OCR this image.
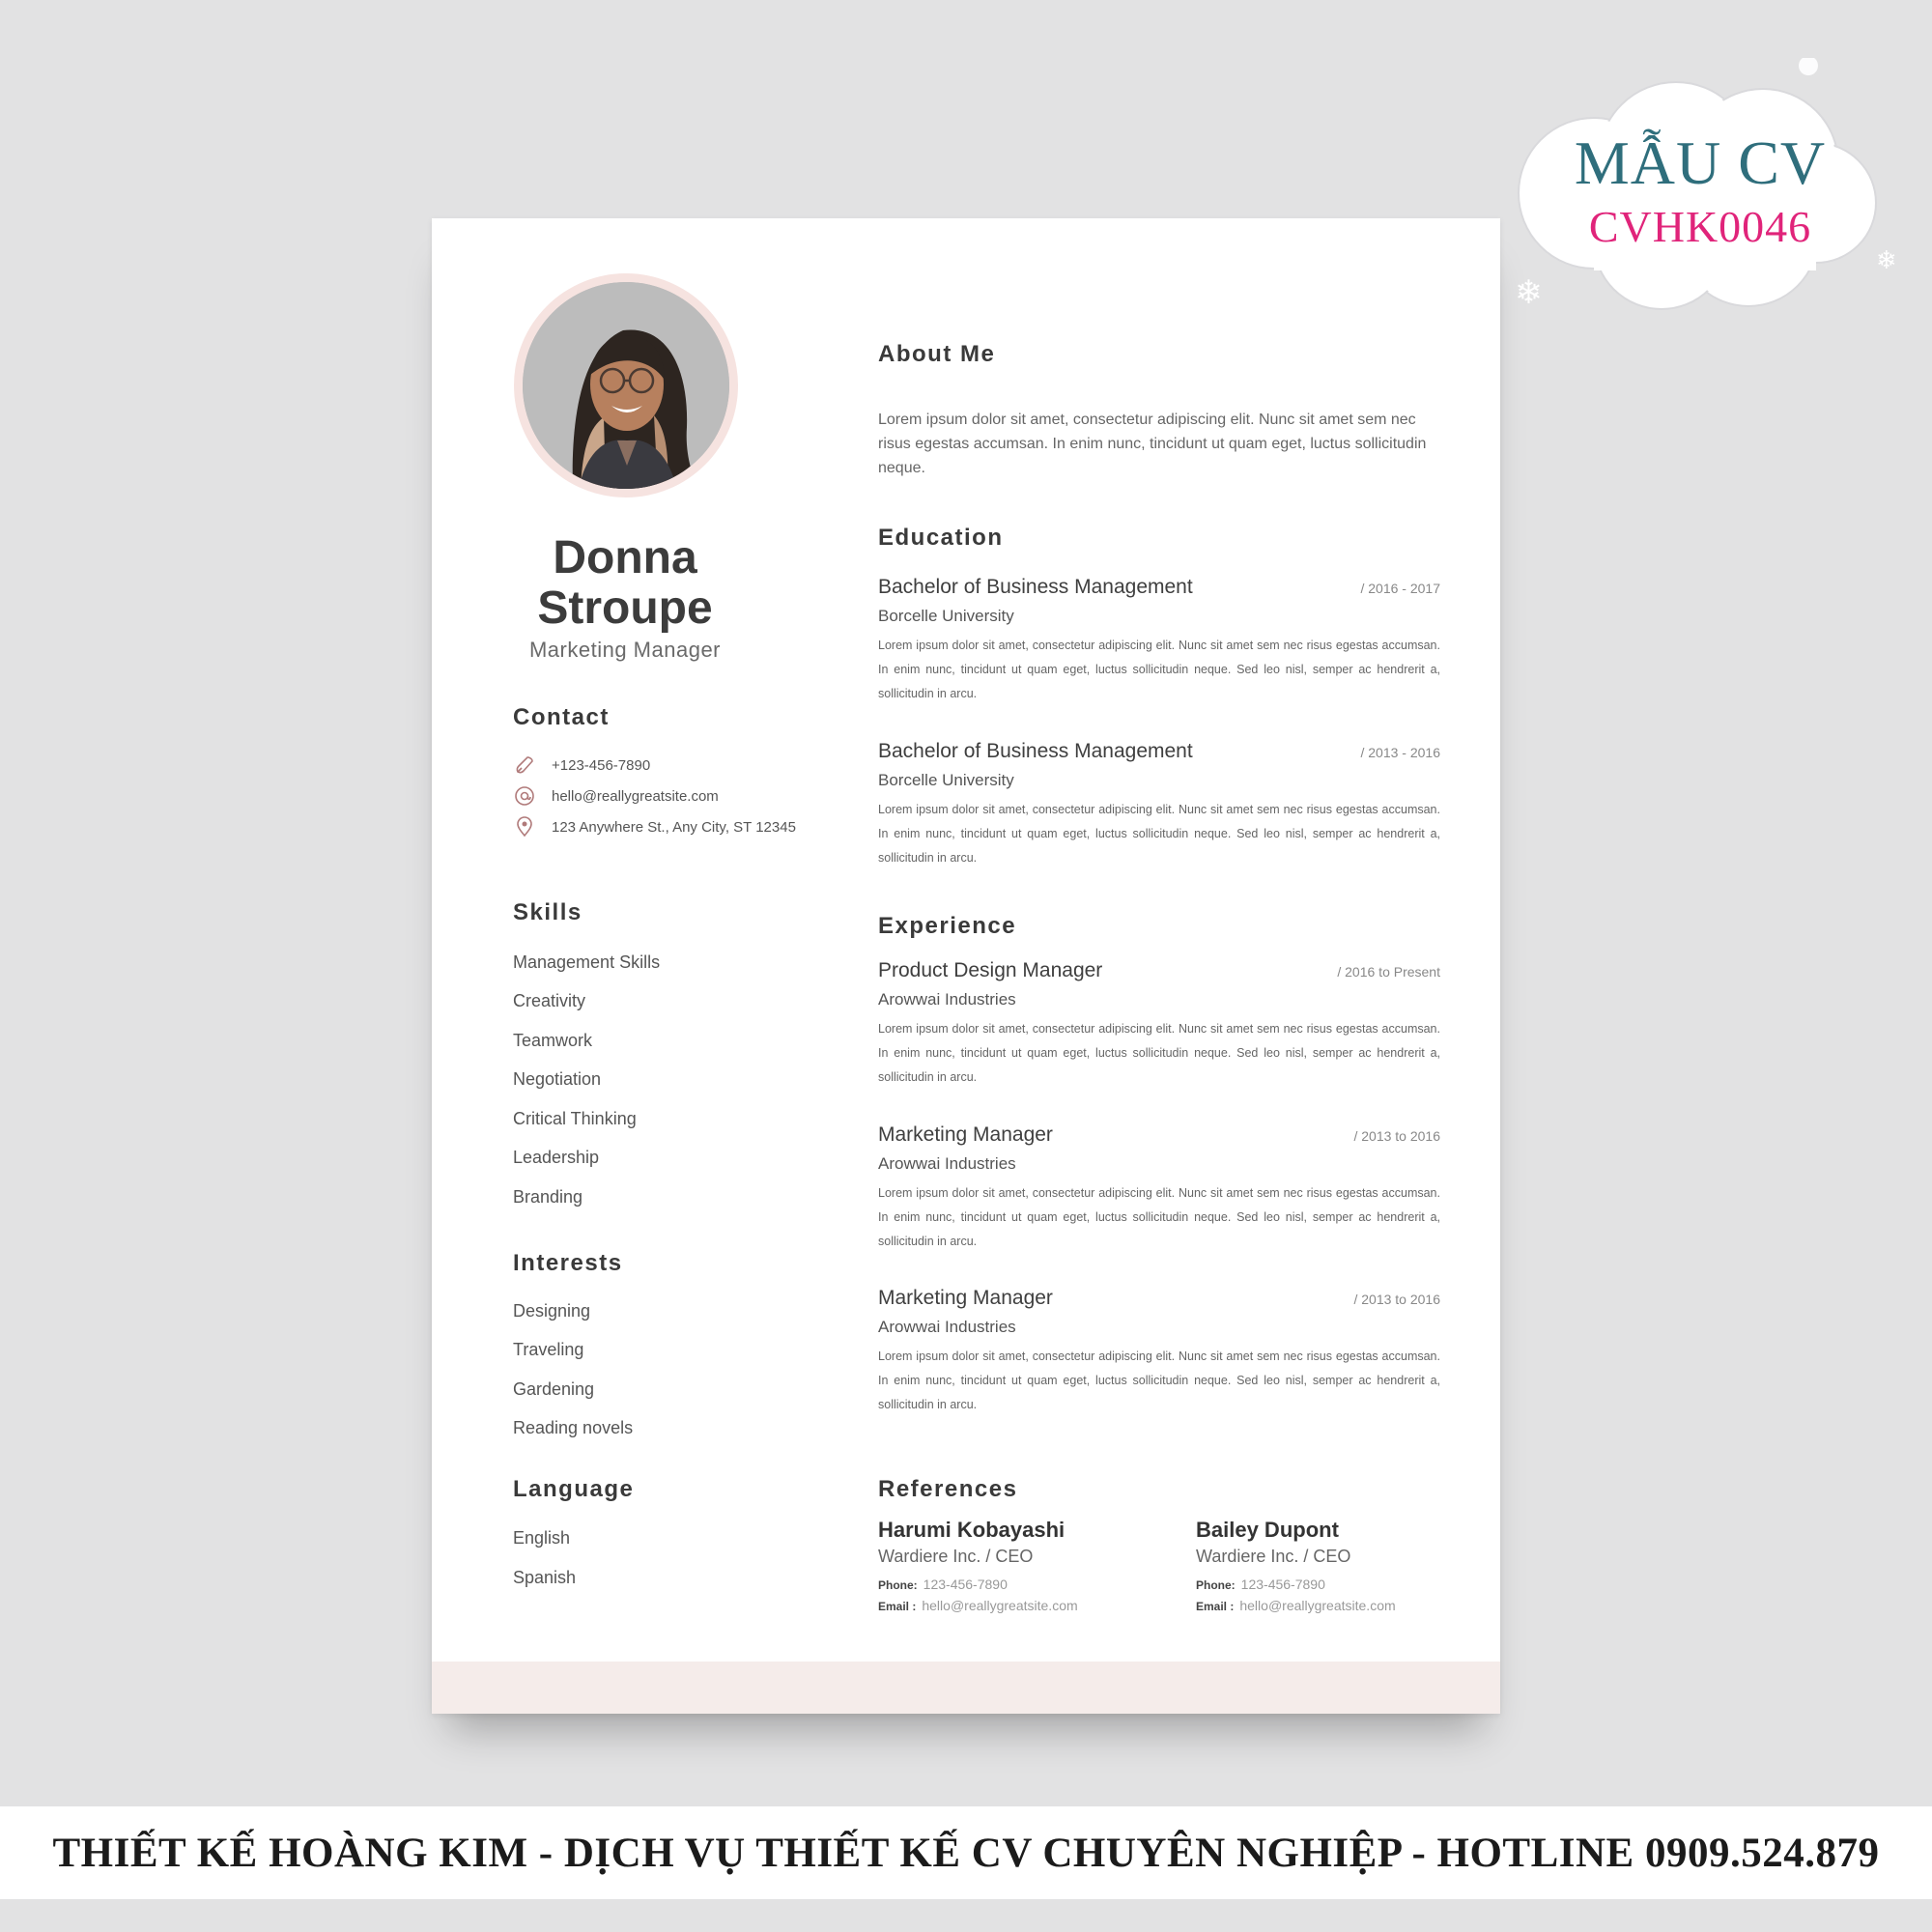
MẪU CV
CVHK0046
❄
❄
Donna
Stroupe
Marketing Manager
Contact
+123-456-7890
hello@reallygreatsite.com
123 Anywhere St., Any City, ST 12345
Skills
Management Skills
Creativity
Teamwork
Negotiation
Critical Thinking
Leadership
Branding
Interests
Designing
Traveling
Gardening
Reading novels
Language
English
Spanish
About Me
Lorem ipsum dolor sit amet, consectetur adipiscing elit. Nunc sit amet sem nec risus egestas accumsan. In enim nunc, tincidunt ut quam eget, luctus sollicitudin neque.
Education
Bachelor of Business Management	/ 2016 - 2017
Borcelle University
Lorem ipsum dolor sit amet, consectetur adipiscing elit. Nunc sit amet sem nec risus egestas accumsan. In enim nunc, tincidunt ut quam eget, luctus sollicitudin neque. Sed leo nisl, semper ac hendrerit a, sollicitudin in arcu.
Bachelor of Business Management	/ 2013 - 2016
Borcelle University
Lorem ipsum dolor sit amet, consectetur adipiscing elit. Nunc sit amet sem nec risus egestas accumsan. In enim nunc, tincidunt ut quam eget, luctus sollicitudin neque. Sed leo nisl, semper ac hendrerit a, sollicitudin in arcu.
Experience
Product Design Manager	/ 2016 to Present
Arowwai Industries
Lorem ipsum dolor sit amet, consectetur adipiscing elit. Nunc sit amet sem nec risus egestas accumsan. In enim nunc, tincidunt ut quam eget, luctus sollicitudin neque. Sed leo nisl, semper ac hendrerit a, sollicitudin in arcu.
Marketing Manager	/ 2013 to 2016
Arowwai Industries
Lorem ipsum dolor sit amet, consectetur adipiscing elit. Nunc sit amet sem nec risus egestas accumsan. In enim nunc, tincidunt ut quam eget, luctus sollicitudin neque. Sed leo nisl, semper ac hendrerit a, sollicitudin in arcu.
Marketing Manager	/ 2013 to 2016
Arowwai Industries
Lorem ipsum dolor sit amet, consectetur adipiscing elit. Nunc sit amet sem nec risus egestas accumsan. In enim nunc, tincidunt ut quam eget, luctus sollicitudin neque. Sed leo nisl, semper ac hendrerit a, sollicitudin in arcu.
References
Harumi Kobayashi
Wardiere Inc. / CEO
Phone: 123-456-7890
Email : hello@reallygreatsite.com
Bailey Dupont
Wardiere Inc. / CEO
Phone: 123-456-7890
Email : hello@reallygreatsite.com
THIẾT KẾ HOÀNG KIM - DỊCH VỤ THIẾT KẾ CV CHUYÊN NGHIỆP - HOTLINE 0909.524.879
